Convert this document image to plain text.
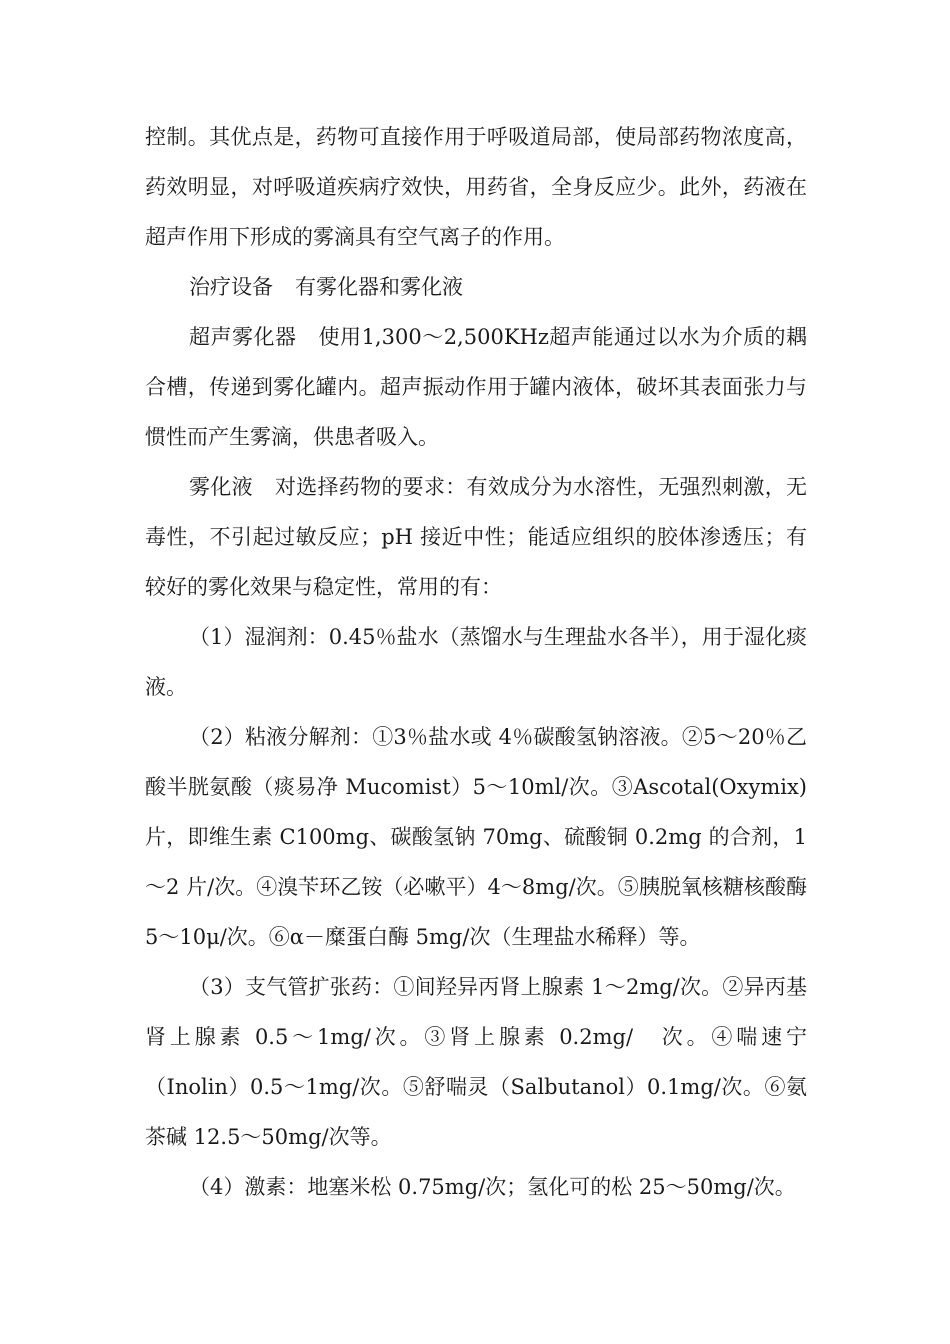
控制。其优点是，药物可直接作用于呼吸道局部，使局部药物浓度高，药效明显，对呼吸道疾病疗效快，用药省，全身反应少。此外，药液在超声作用下形成的雾滴具有空气离子的作用。

治疗设备 有雾化器和雾化液

超声雾化器 使用1,300～2,500KHz超声能通过以水为介质的耦合槽，传递到雾化罐内。超声振动作用于罐内液体，破坏其表面张力与惯性而产生雾滴，供患者吸入。

雾化液 对选择药物的要求：有效成分为水溶性，无强烈刺激，无毒性，不引起过敏反应；pH 接近中性；能适应组织的胶体渗透压；有较好的雾化效果与稳定性，常用的有：

（1）湿润剂：0.45％盐水（蒸馏水与生理盐水各半），用于湿化痰液。

（2）粘液分解剂：①3％盐水或 4％碳酸氢钠溶液。②5～20％乙酸半胱氨酸（痰易净 Mucomist）5～10ml/次。③Ascotal(Oxymix)片，即维生素 C100mg、碳酸氢钠 70mg、硫酸铜 0.2mg 的合剂，1～2 片/次。④溴苄环乙铵（必嗽平）4～8mg/次。⑤胰脱氧核糖核酸酶 5～10μ/次。⑥α－糜蛋白酶 5mg/次（生理盐水稀释）等。

（3）支气管扩张药：①间羟异丙肾上腺素 1～2mg/次。②异丙基肾上腺素 0.5～1mg/次。③肾上腺素 0.2mg/　次。④喘速宁（Inolin）0.5～1mg/次。⑤舒喘灵（Salbutanol）0.1mg/次。⑥氨茶碱 12.5～50mg/次等。

（4）激素：地塞米松 0.75mg/次；氢化可的松 25～50mg/次。
